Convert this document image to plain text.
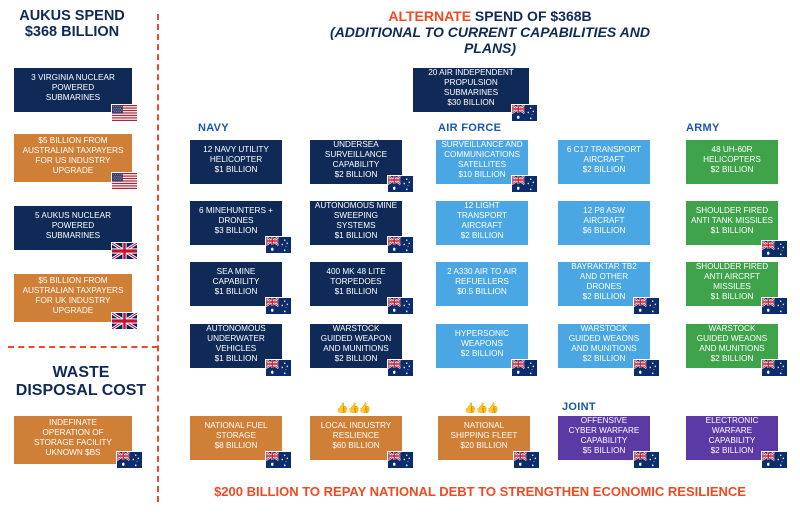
AUKUS SPEND
$368 BILLION
3 VIRGINIA NUCLEAR
POWERED
SUBMARINES
$5 BILLION FROM
AUSTRALIAN TAXPAYERS
FOR US INDUSTRY
UPGRADE
5 AUKUS NUCLEAR
POWERED
SUBMARINES
$5 BILLION FROM
AUSTRALIAN TAXPAYERS
FOR UK INDUSTRY
UPGRADE
WASTE
DISPOSAL COST
INDEFINATE
OPERATION OF
STORAGE FACILITY
UKNOWN $BS
ALTERNATE SPEND OF $368B
(ADDITIONAL TO CURRENT CAPABILITIES AND
PLANS)
20 AIR INDEPENDENT
PROPULSION SUBMARINES
$30 BILLION
NAVY	AIR FORCE	ARMY
JOINT
12 NAVY UTILITY
HELICOPTER
$1 BILLION
6 MINEHUNTERS +
DRONES
$3 BILLION
SEA MINE
CAPABILITY
$1 BILLION
AUTONOMOUS
UNDERWATER
VEHICLES
$1 BILLION
UNDERSEA
SURVEILLANCE
CAPABILITY
$2 BILLION
AUTONOMOUS MINE
SWEEPING
SYSTEMS
$1 BILLION
400 MK 48 LITE
TORPEDOES
$1 BILLION
WARSTOCK
GUIDED WEAPON
AND MUNITIONS
$2 BILLION
SURVEILLANCE AND
COMMUNICATIONS
SATELLITES
$10 BILLION
12 LIGHT
TRANSPORT
AIRCRAFT
$2 BILLION
2 A330 AIR TO AIR
REFUELLERS
$0.5 BILLION
HYPERSONIC
WEAPONS
$2 BILLION
6 C17 TRANSPORT
AIRCRAFT
$2 BILLION
12 P8 ASW
AIRCRAFT
$6 BILLION
BAYRAKTAR TB2
AND OTHER
DRONES
$2 BILLION
WARSTOCK
GUIDED WEAONS
AND MUNITIONS
$2 BILLION
48 UH-60R
HELICOPTERS
$2 BILLION
SHOULDER FIRED
ANTI TANK MISSILES
$1 BILLION
SHOULDER FIRED
ANTI AIRCRFT
MISSILES
$1 BILLION
WARSTOCK
GUIDED WEAONS
AND MUNITIONS
$2 BILLION
NATIONAL FUEL
STORAGE
$8 BILLION
👍👍👍
LOCAL INDUSTRY
RESLIENCE
$60 BILLION
👍👍👍
NATIONAL
SHIPPING FLEET
$20 BILLION
OFFENSIVE
CYBER WARFARE
CAPABILITY
$5 BILLION
ELECTRONIC
WARFARE
CAPABILITY
$2 BILLION
$200 BILLION TO REPAY NATIONAL DEBT TO STRENGTHEN ECONOMIC RESILIENCE
